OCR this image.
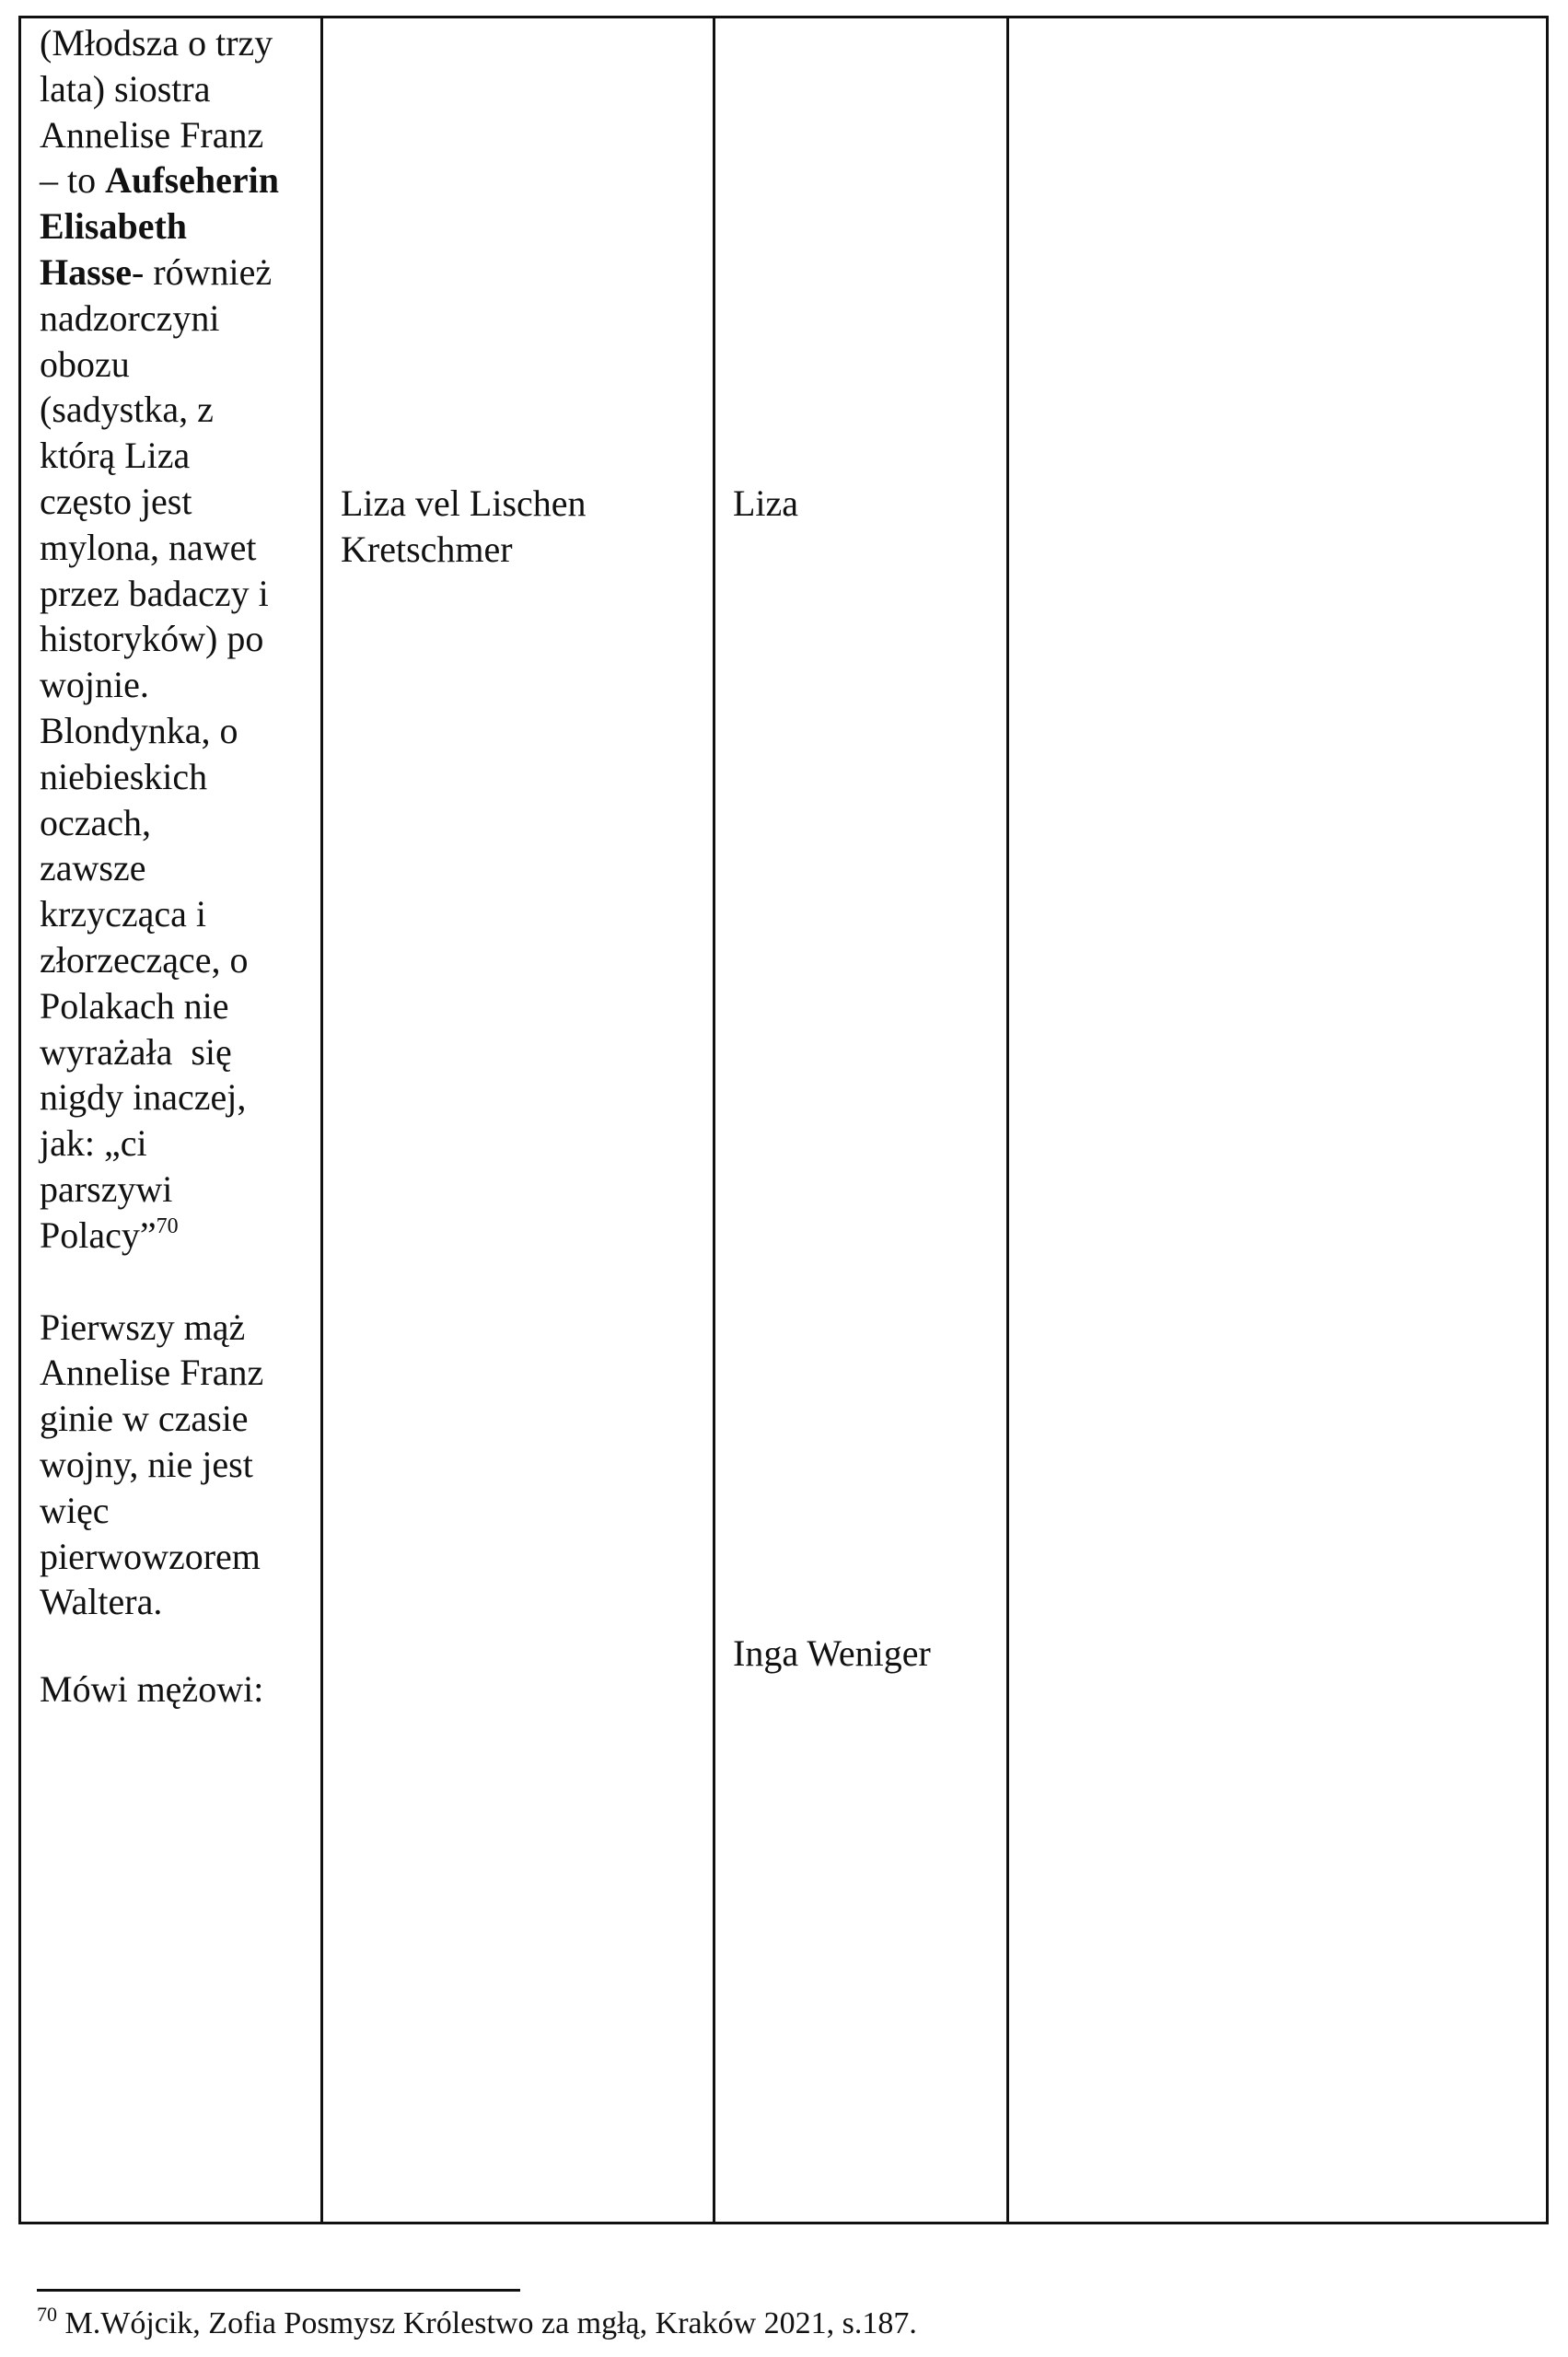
(Młodsza o trzy
lata) siostra
Annelise Franz
– to Aufseherin
Elisabeth
Hasse- również
nadzorczyni
obozu
(sadystka, z
którą Liza
często jest
mylona, nawet
przez badaczy i
historyków) po
wojnie.
Blondynka, o
niebieskich
oczach,
zawsze
krzycząca i
złorzeczące, o
Polakach nie
wyrażała  się
nigdy inaczej,
jak: „ci
parszywi
Polacy”$^{70}$

Pierwszy mąż
Annelise Franz
ginie w czasie
wojny, nie jest
więc
pierwowzorem
Waltera.

Mówi mężowi:

Liza vel Lischen
Kretschmer
Liza
Inga Weniger
$^{70}$ M.Wójcik, Zofia Posmysz Królestwo za mgłą, Kraków 2021, s.187.
